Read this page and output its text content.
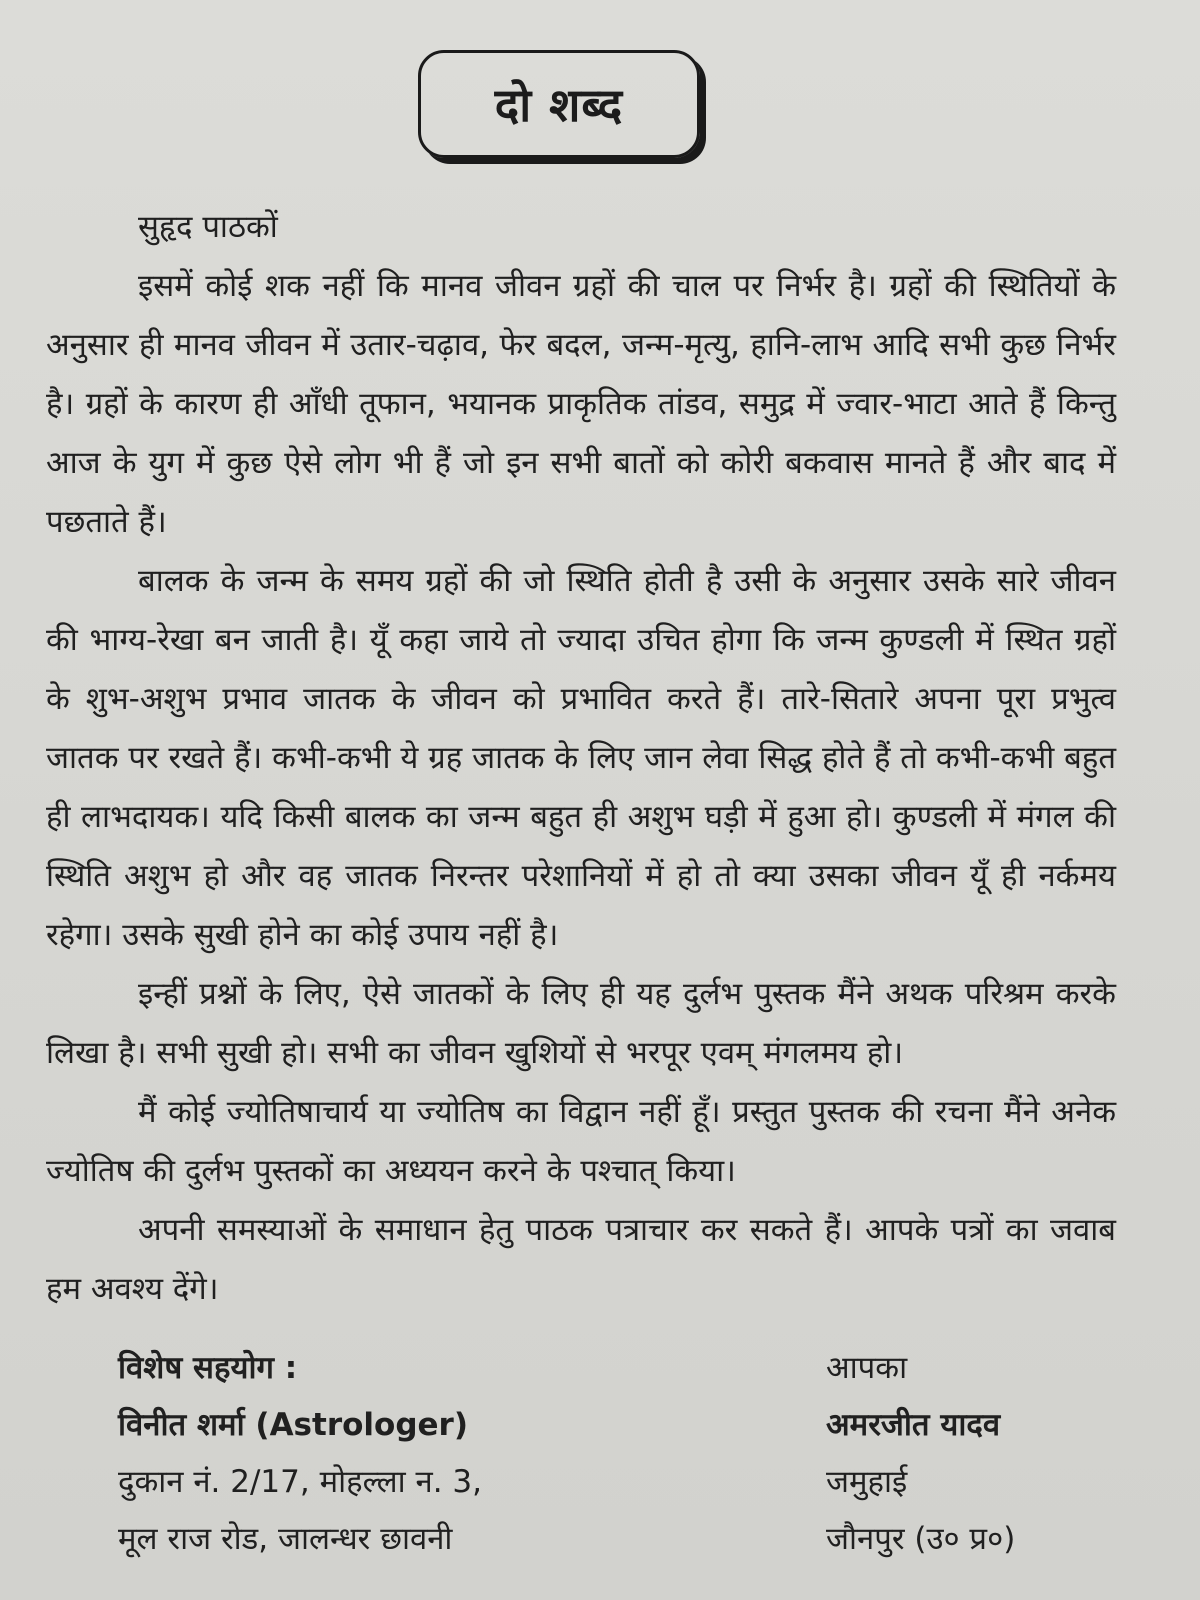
दो शब्द

सुहृद पाठकों

इसमें कोई शक नहीं कि मानव जीवन ग्रहों की चाल पर निर्भर है। ग्रहों की स्थितियों के अनुसार ही मानव जीवन में उतार-चढ़ाव, फेर बदल, जन्म-मृत्यु, हानि-लाभ आदि सभी कुछ निर्भर है। ग्रहों के कारण ही आँधी तूफान, भयानक प्राकृतिक तांडव, समुद्र में ज्वार-भाटा आते हैं किन्तु आज के युग में कुछ ऐसे लोग भी हैं जो इन सभी बातों को कोरी बकवास मानते हैं और बाद में पछताते हैं।

बालक के जन्म के समय ग्रहों की जो स्थिति होती है उसी के अनुसार उसके सारे जीवन की भाग्य-रेखा बन जाती है। यूँ कहा जाये तो ज्यादा उचित होगा कि जन्म कुण्डली में स्थित ग्रहों के शुभ-अशुभ प्रभाव जातक के जीवन को प्रभावित करते हैं। तारे-सितारे अपना पूरा प्रभुत्व जातक पर रखते हैं। कभी-कभी ये ग्रह जातक के लिए जान लेवा सिद्ध होते हैं तो कभी-कभी बहुत ही लाभदायक। यदि किसी बालक का जन्म बहुत ही अशुभ घड़ी में हुआ हो। कुण्डली में मंगल की स्थिति अशुभ हो और वह जातक निरन्तर परेशानियों में हो तो क्या उसका जीवन यूँ ही नर्कमय रहेगा। उसके सुखी होने का कोई उपाय नहीं है।

इन्हीं प्रश्नों के लिए, ऐसे जातकों के लिए ही यह दुर्लभ पुस्तक मैंने अथक परिश्रम करके लिखा है। सभी सुखी हो। सभी का जीवन खुशियों से भरपूर एवम् मंगलमय हो।

मैं कोई ज्योतिषाचार्य या ज्योतिष का विद्वान नहीं हूँ। प्रस्तुत पुस्तक की रचना मैंने अनेक ज्योतिष की दुर्लभ पुस्तकों का अध्ययन करने के पश्चात् किया।

अपनी समस्याओं के समाधान हेतु पाठक पत्राचार कर सकते हैं। आपके पत्रों का जवाब हम अवश्य देंगे।

विशेष सहयोग :	आपका
विनीत शर्मा (Astrologer)	अमरजीत यादव
दुकान नं. 2/17, मोहल्ला न. 3,	जमुहाई
मूल राज रोड, जालन्धर छावनी	जौनपुर (उ० प्र०)
